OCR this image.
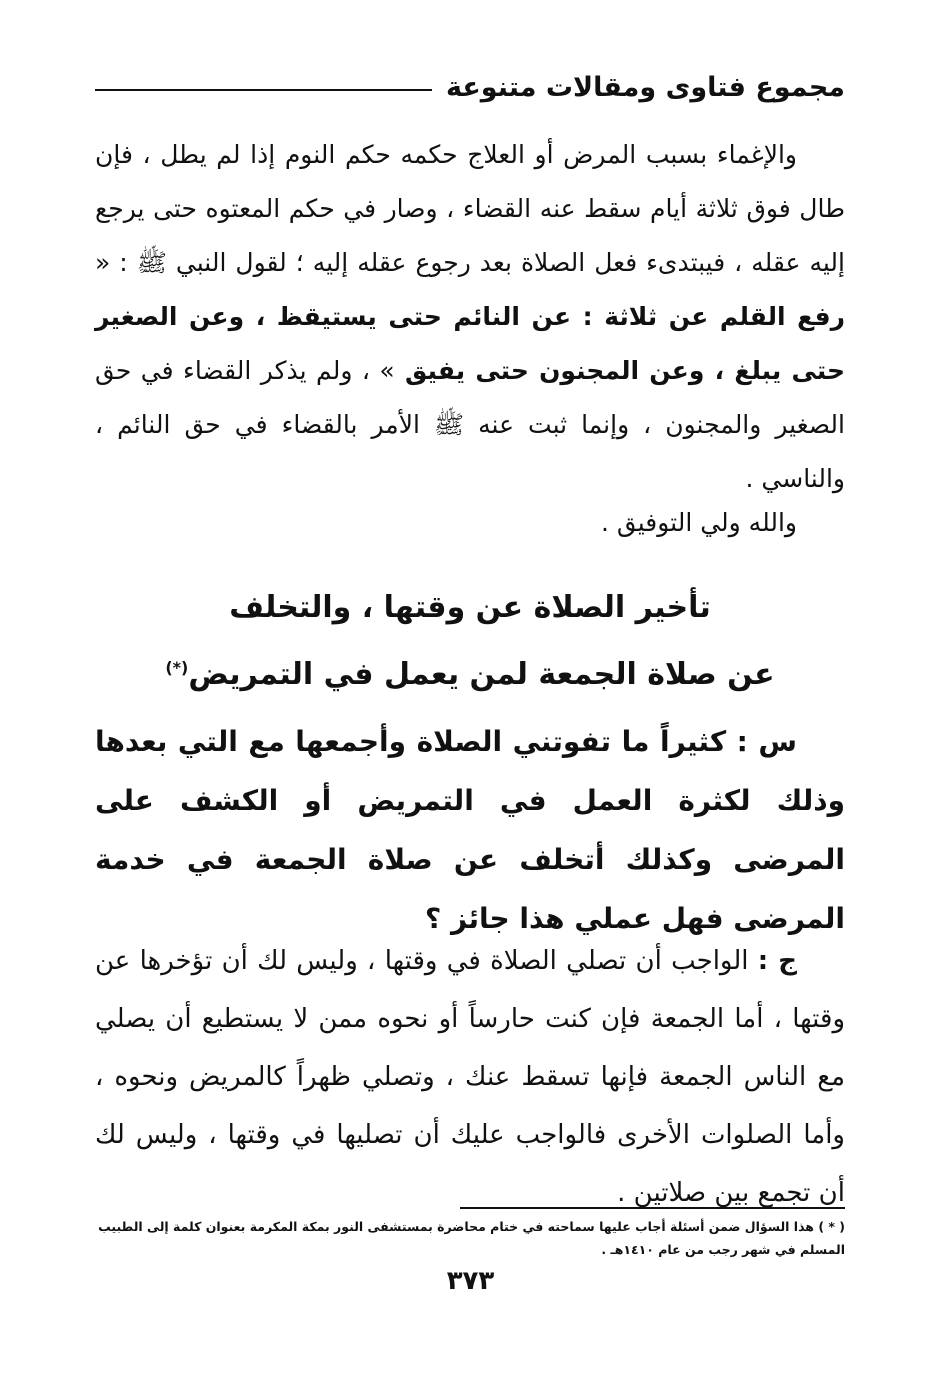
مجموع فتاوى ومقالات متنوعة

والإغماء بسبب المرض أو العلاج حكمه حكم النوم إذا لم يطل ، فإن طال فوق ثلاثة أيام سقط عنه القضاء ، وصار في حكم المعتوه حتى يرجع إليه عقله ، فيبتدىء فعل الصلاة بعد رجوع عقله إليه ؛ لقول النبي ﷺ : « رفع القلم عن ثلاثة : عن النائم حتى يستيقظ ، وعن الصغير حتى يبلغ ، وعن المجنون حتى يفيق » ، ولم يذكر القضاء في حق الصغير والمجنون ، وإنما ثبت عنه ﷺ الأمر بالقضاء في حق النائم ، والناسي .

والله ولي التوفيق .

تأخير الصلاة عن وقتها ، والتخلف
عن صلاة الجمعة لمن يعمل في التمريض(*)

س : كثيراً ما تفوتني الصلاة وأجمعها مع التي بعدها وذلك لكثرة العمل في التمريض أو الكشف على المرضى وكذلك أتخلف عن صلاة الجمعة في خدمة المرضى فهل عملي هذا جائز ؟

ج : الواجب أن تصلي الصلاة في وقتها ، وليس لك أن تؤخرها عن وقتها ، أما الجمعة فإن كنت حارساً أو نحوه ممن لا يستطيع أن يصلي مع الناس الجمعة فإنها تسقط عنك ، وتصلي ظهراً كالمريض ونحوه ، وأما الصلوات الأخرى فالواجب عليك أن تصليها في وقتها ، وليس لك أن تجمع بين صلاتين .

( * ) هذا السؤال ضمن أسئلة أجاب عليها سماحته في ختام محاضرة بمستشفى النور بمكة المكرمة بعنوان كلمة إلى الطبيب المسلم في شهر رجب من عام ١٤١٠هـ .

٣٧٣
